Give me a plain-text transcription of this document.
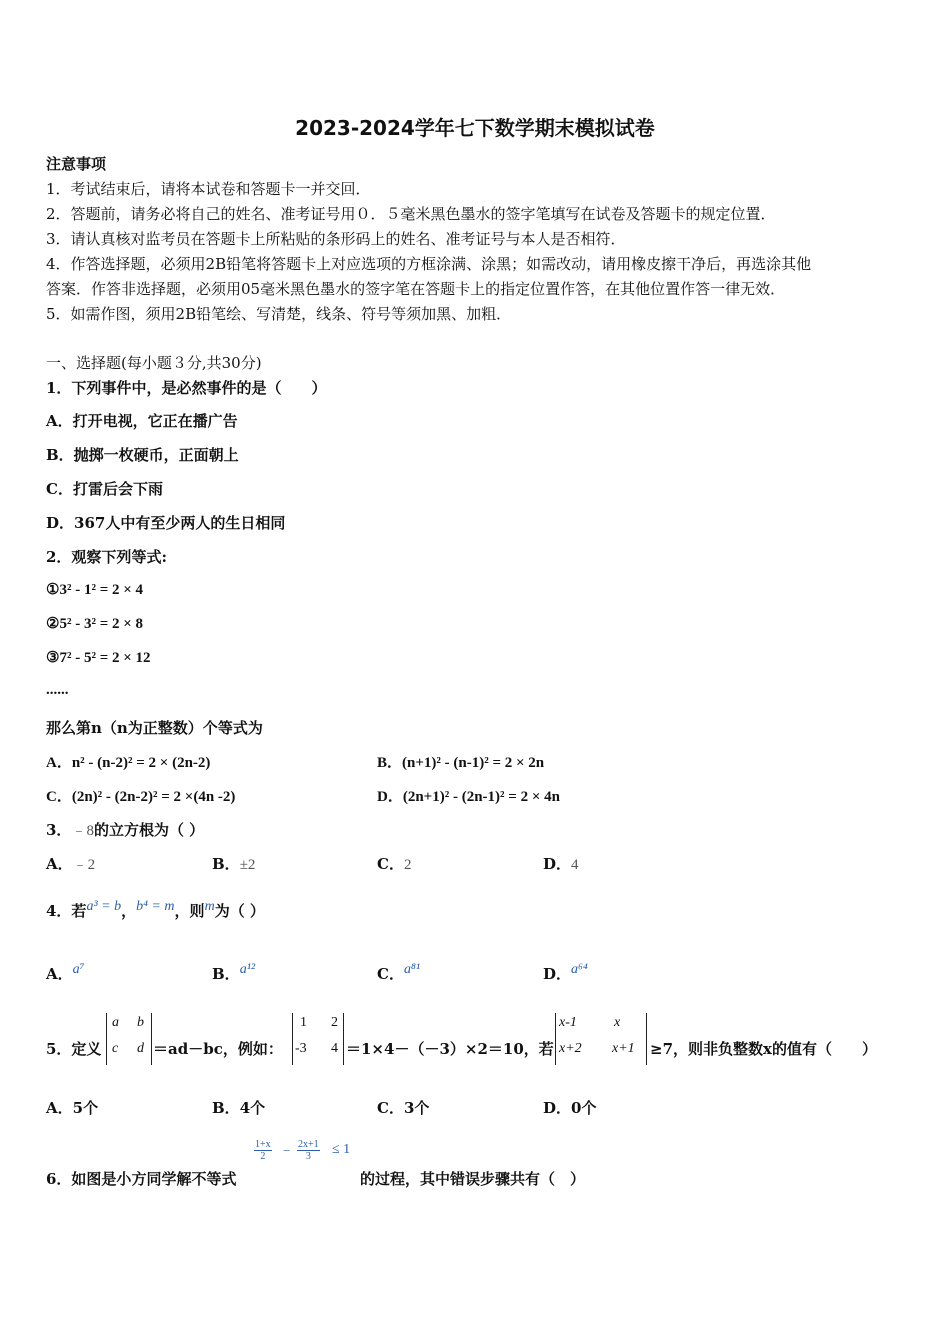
2023-2024学年七下数学期末模拟试卷
注意事项
1．考试结束后，请将本试卷和答题卡一并交回．
2．答题前，请务必将自己的姓名、准考证号用０．５毫米黑色墨水的签字笔填写在试卷及答题卡的规定位置．
3．请认真核对监考员在答题卡上所粘贴的条形码上的姓名、准考证号与本人是否相符．
4．作答选择题，必须用2B铅笔将答题卡上对应选项的方框涂满、涂黑；如需改动，请用橡皮擦干净后，再选涂其他
答案．作答非选择题，必须用05毫米黑色墨水的签字笔在答题卡上的指定位置作答，在其他位置作答一律无效．
5．如需作图，须用2B铅笔绘、写清楚，线条、符号等须加黑、加粗．
一、选择题(每小题３分,共30分)
1．下列事件中，是必然事件的是（　　）
A．打开电视，它正在播广告
B．抛掷一枚硬币，正面朝上
C．打雷后会下雨
D．367人中有至少两人的生日相同
2．观察下列等式:
①3² - 1² = 2 × 4
②5² - 3² = 2 × 8
③7² - 5² = 2 × 12
......
那么第n（n为正整数）个等式为
A．n² - (n-2)² = 2 × (2n-2)	B．(n+1)² - (n-1)² = 2 × 2n
C．(2n)² - (2n-2)² = 2 ×(4n -2)	D．(2n+1)² - (2n-1)² = 2 × 4n
3．﹣8的立方根为（ ）
A．﹣2	B．±2	C．2	D．4
4．若a³ = b，b⁴ = m，则m为（ ）
A．a⁷	B．a¹²	C．a⁸¹	D．a⁶⁴
5．定义
a b
c d ＝ad－bc，例如：
1 2
-3 4 ＝1×4－（－3）×2＝10，若
x-1	x
x+2 x+1 ≥7，则非负整数x的值有（　　）
A．5个	B．4个	C．3个	D．0个
6．如图是小方同学解不等式
$\frac{1+x}{2} - \frac{2x+1}{3} \le 1$
的过程，其中错误步骤共有（　）
